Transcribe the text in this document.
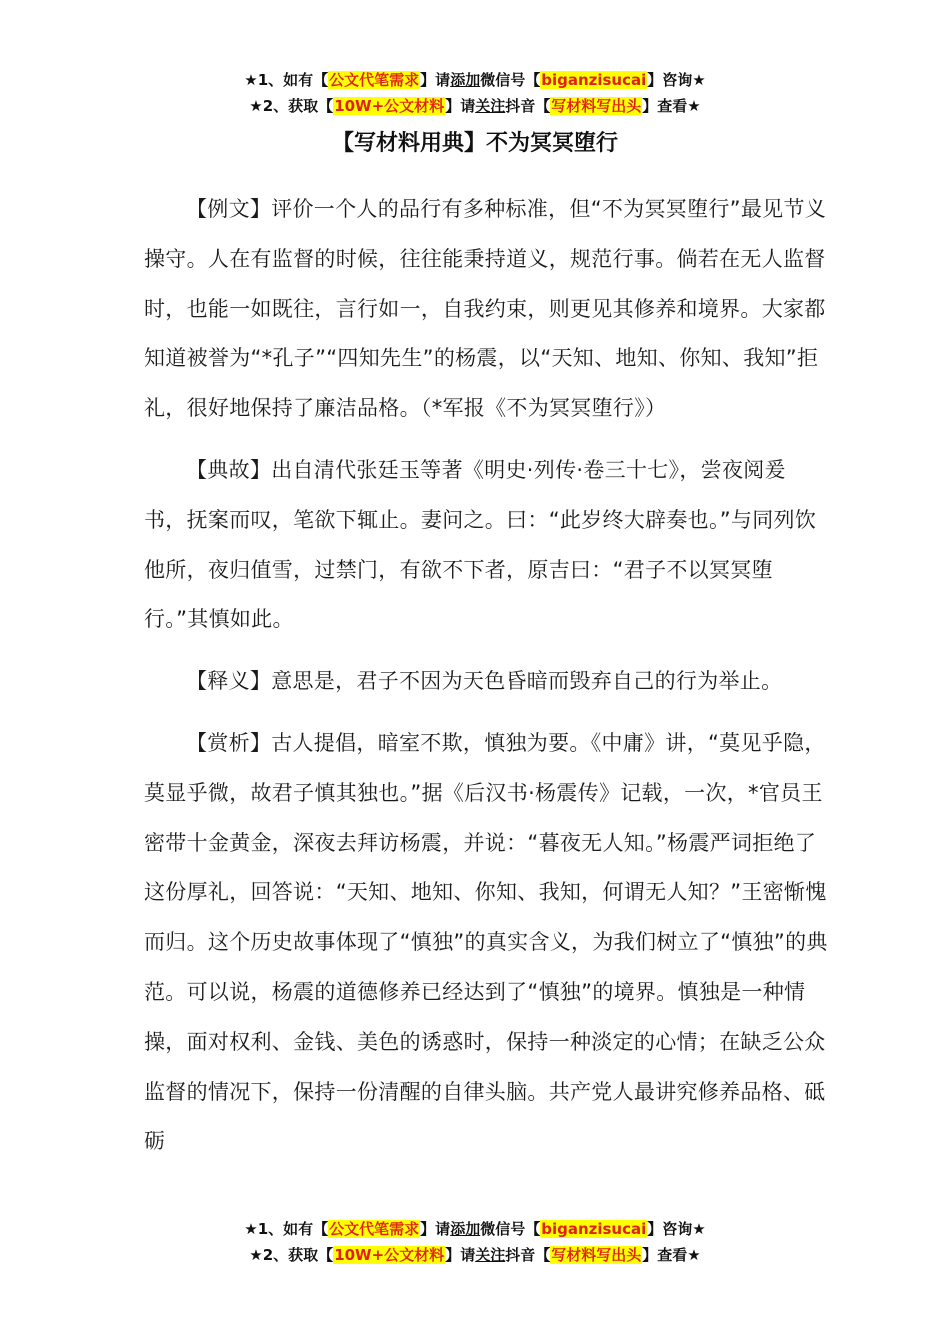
★1、如有【公文代笔需求】请添加微信号【biganzisucai】咨询★
★2、获取【10W+公文材料】请关注抖音【写材料写出头】查看★
【写材料用典】不为冥冥堕行

【例文】评价一个人的品行有多种标准，但“不为冥冥堕行”最见节义操守。人在有监督的时候，往往能秉持道义，规范行事。倘若在无人监督时，也能一如既往，言行如一，自我约束，则更见其修养和境界。大家都知道被誉为“*孔子”“四知先生”的杨震，以“天知、地知、你知、我知”拒礼，很好地保持了廉洁品格。（*军报《不为冥冥堕行》）

【典故】出自清代张廷玉等著《明史·列传·卷三十七》，尝夜阅爰书，抚案而叹，笔欲下辄止。妻问之。曰：“此岁终大辟奏也。”与同列饮他所，夜归值雪，过禁门，有欲不下者，原吉曰：“君子不以冥冥堕行。”其慎如此。

【释义】意思是，君子不因为天色昏暗而毁弃自己的行为举止。

【赏析】古人提倡，暗室不欺，慎独为要。《中庸》讲，“莫见乎隐，莫显乎微，故君子慎其独也。”据《后汉书·杨震传》记载，一次，*官员王密带十金黄金，深夜去拜访杨震，并说：“暮夜无人知。”杨震严词拒绝了这份厚礼，回答说：“天知、地知、你知、我知，何谓无人知？”王密惭愧而归。这个历史故事体现了“慎独”的真实含义，为我们树立了“慎独”的典范。可以说，杨震的道德修养已经达到了“慎独”的境界。慎独是一种情操，面对权利、金钱、美色的诱惑时，保持一种淡定的心情；在缺乏公众监督的情况下，保持一份清醒的自律头脑。共产党人最讲究修养品格、砥砺

★1、如有【公文代笔需求】请添加微信号【biganzisucai】咨询★
★2、获取【10W+公文材料】请关注抖音【写材料写出头】查看★
